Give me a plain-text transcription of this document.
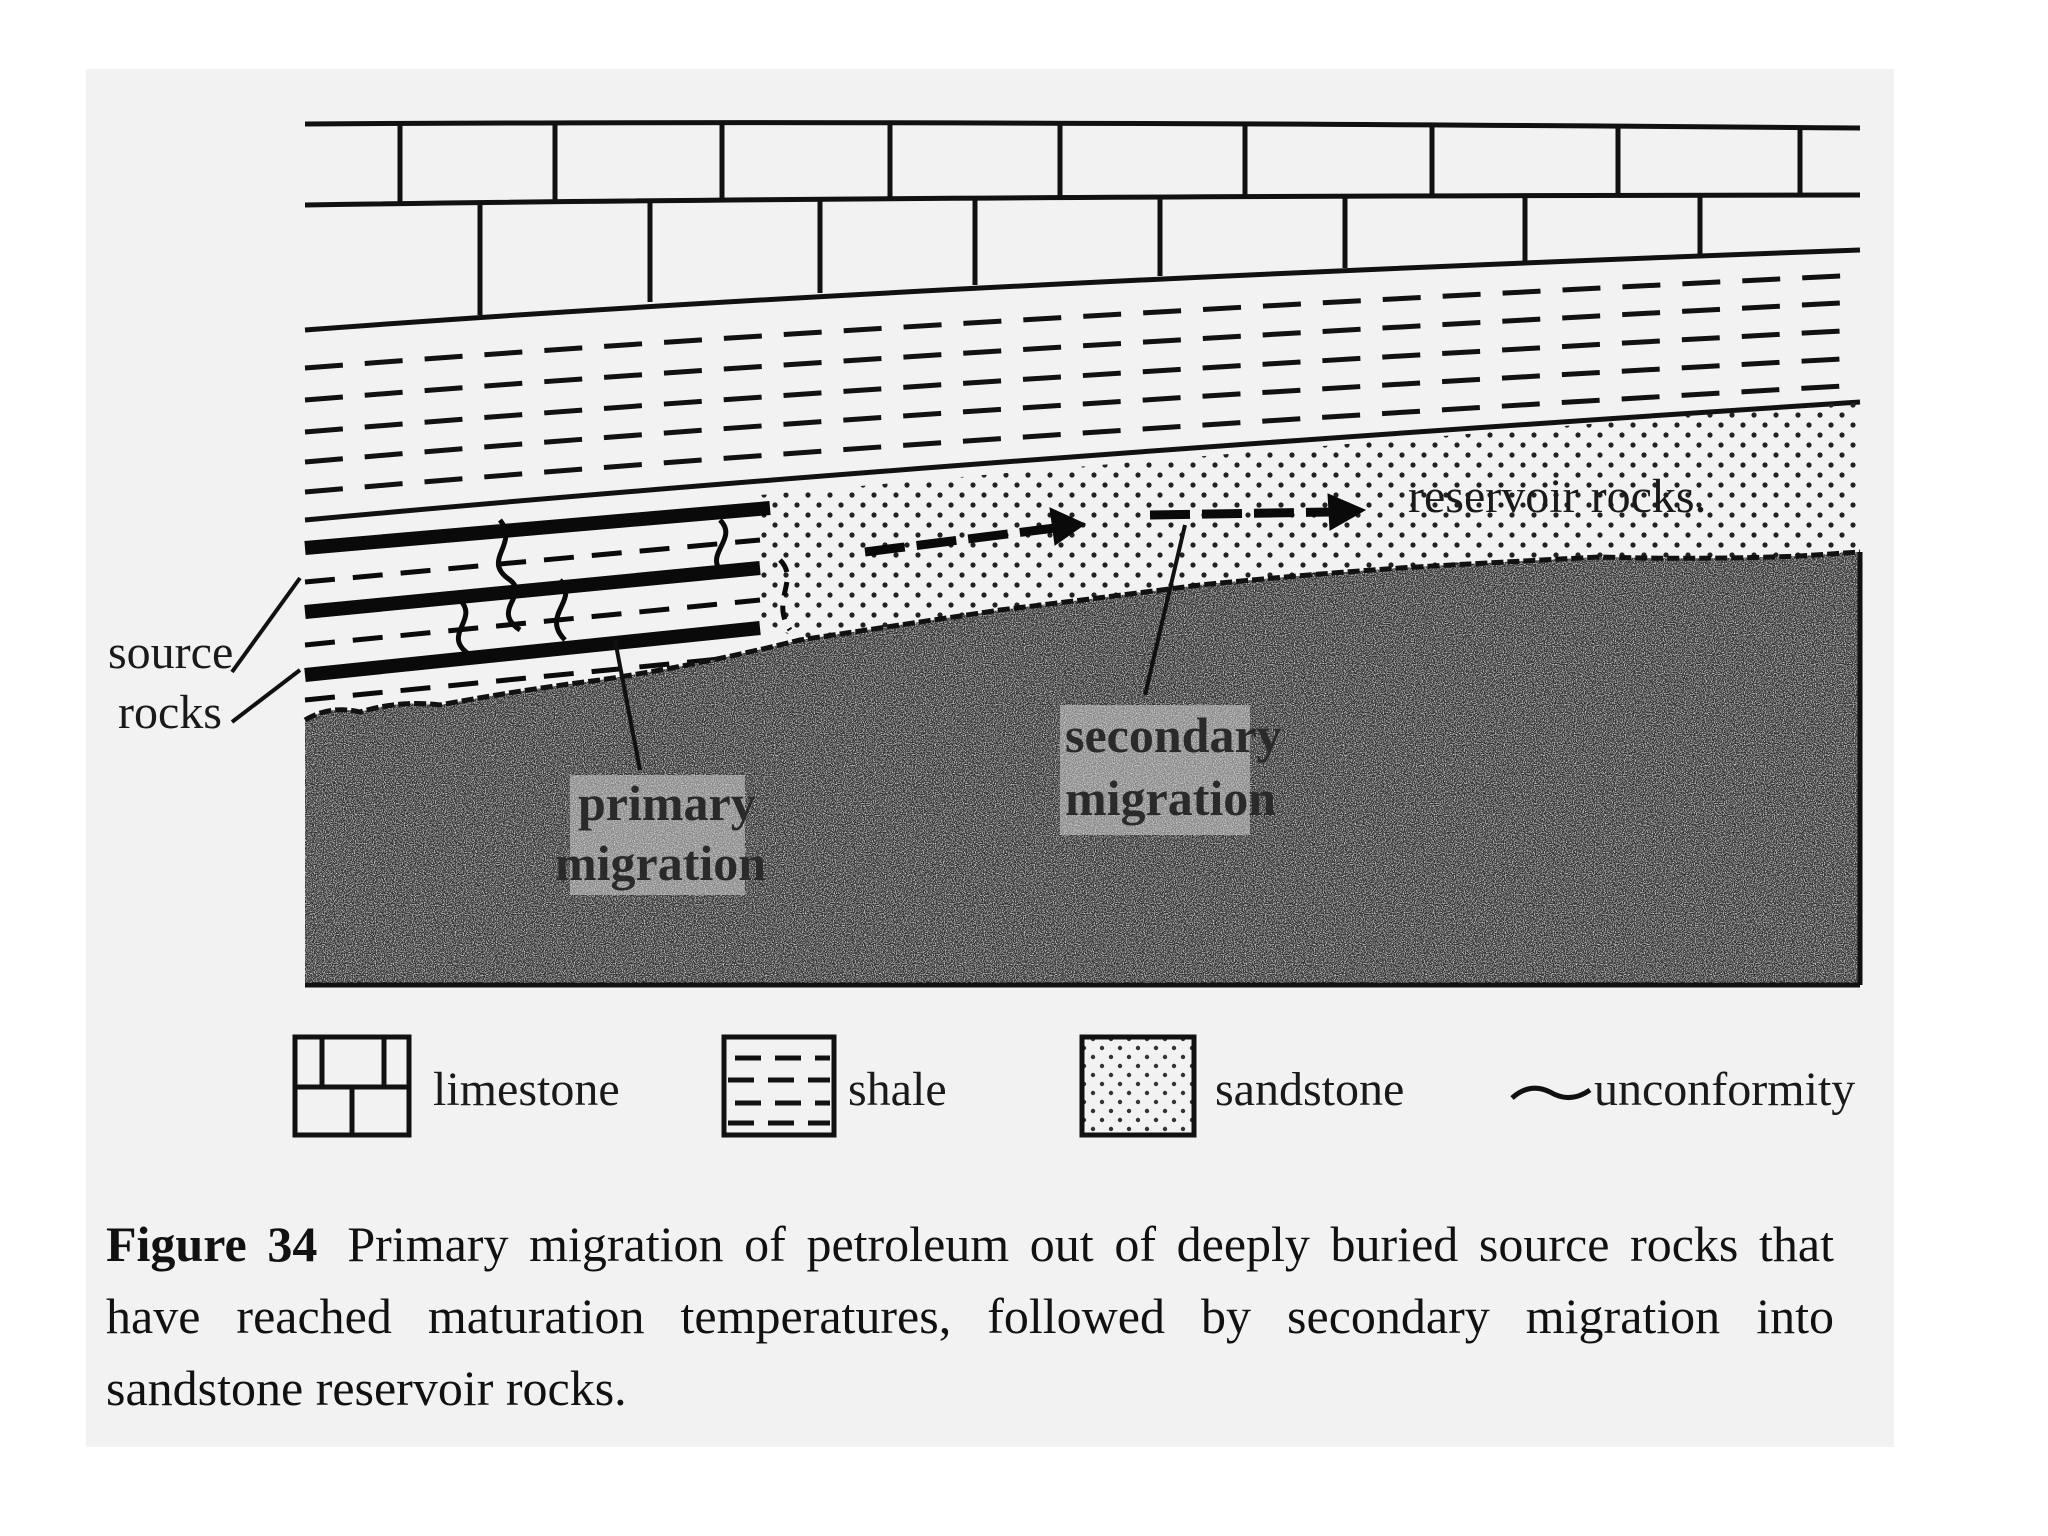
source
rocks
reservoir rocks.
primary
migration
secondary
migration
limestone	shale	sandstone	unconformity
Figure 34 Primary migration of petroleum out of deeply buried source rocks that have reached maturation temperatures, followed by secondary migration into sandstone reservoir rocks.
